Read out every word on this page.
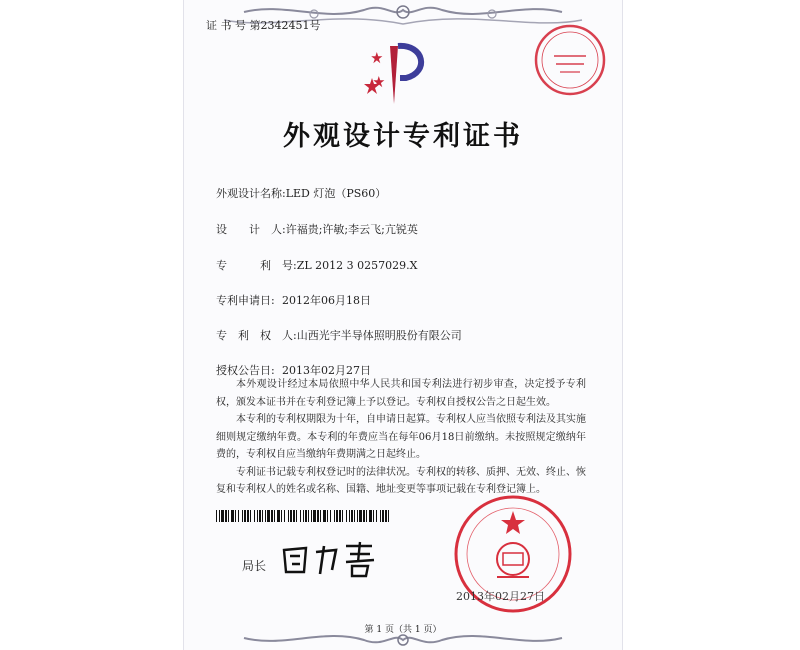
证 书 号 第2342451号
外观设计专利证书
外观设计名称:LED 灯泡（PS60）
设　　计　人:许福贵;许敏;李云飞;亢锐英
专　　　利　号:ZL 2012 3 0257029.X
专利申请日: 2012年06月18日
专　利　权　人:山西光宇半导体照明股份有限公司
授权公告日: 2013年02月27日

本外观设计经过本局依照中华人民共和国专利法进行初步审查，决定授予专利权，颁发本证书并在专利登记簿上予以登记。专利权自授权公告之日起生效。

本专利的专利权期限为十年，自申请日起算。专利权人应当依照专利法及其实施细则规定缴纳年费。本专利的年费应当在每年06月18日前缴纳。未按照规定缴纳年费的，专利权自应当缴纳年费期满之日起终止。

专利证书记载专利权登记时的法律状况。专利权的转移、质押、无效、终止、恢复和专利权人的姓名或名称、国籍、地址变更等事项记载在专利登记簿上。

局长
2013年02月27日
第 1 页（共 1 页）
